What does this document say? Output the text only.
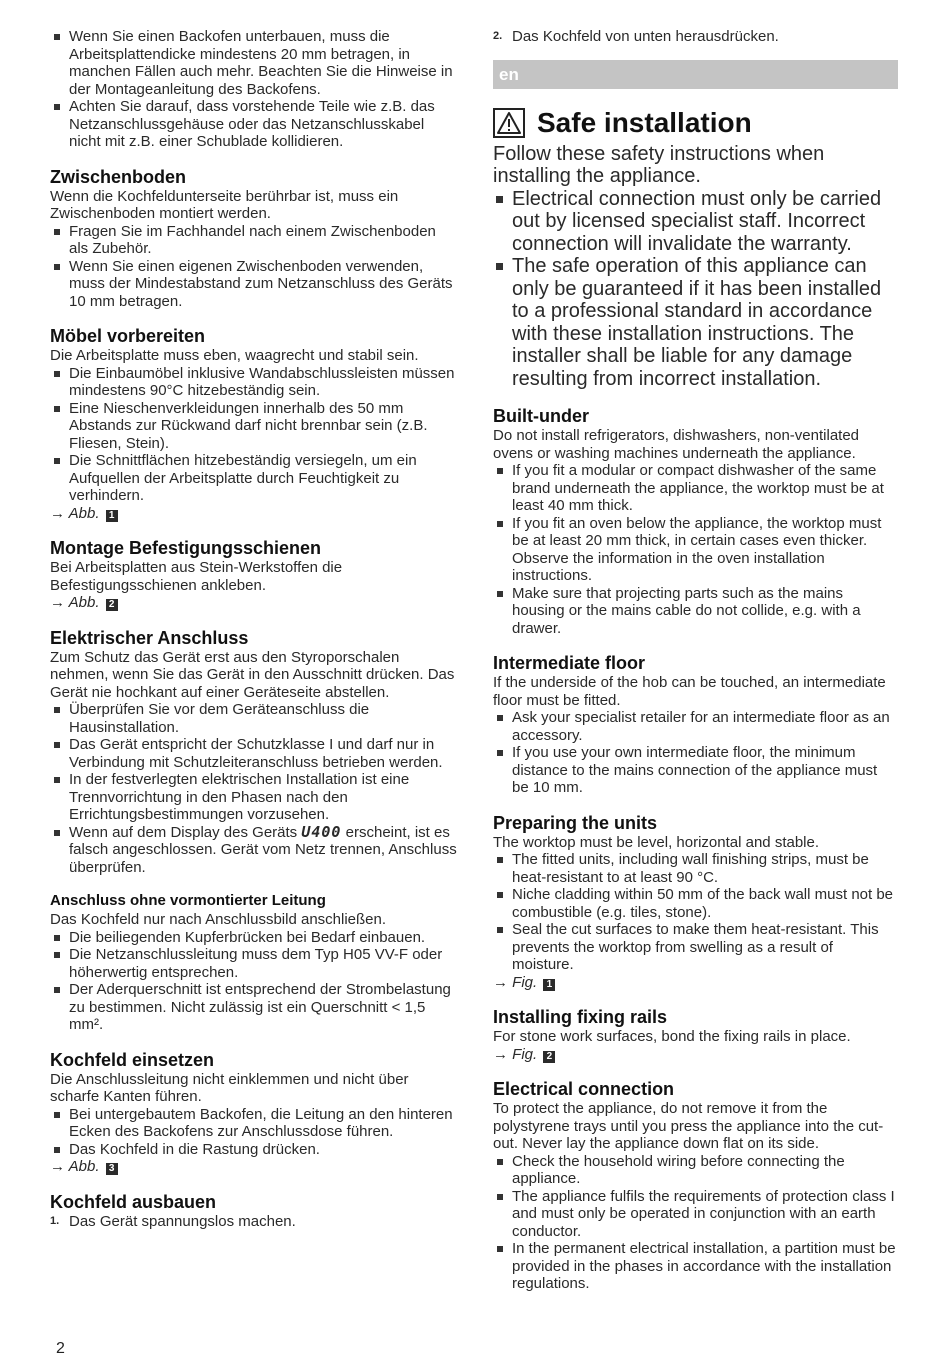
Wenn Sie einen Backofen unterbauen, muss die Arbeitsplattendicke mindestens 20 mm betragen, in manchen Fällen auch mehr. Beachten Sie die Hinweise in der Montageanleitung des Backofens.
Achten Sie darauf, dass vorstehende Teile wie z.B. das Netzanschlussgehäuse oder das Netzanschlusskabel nicht mit z.B. einer Schublade kollidieren.
Zwischenboden
Wenn die Kochfeldunterseite berührbar ist, muss ein Zwischenboden montiert werden.
Fragen Sie im Fachhandel nach einem Zwischenboden als Zubehör.
Wenn Sie einen eigenen Zwischenboden verwenden, muss der Mindestabstand zum Netzanschluss des Geräts 10 mm betragen.
Möbel vorbereiten
Die Arbeitsplatte muss eben, waagrecht und stabil sein.
Die Einbaumöbel inklusive Wandabschlussleisten müssen mindestens 90°C hitzebeständig sein.
Eine Nieschenverkleidungen innerhalb des 50 mm Abstands zur Rückwand darf nicht brennbar sein (z.B. Fliesen, Stein).
Die Schnittflächen hitzebeständig versiegeln, um ein Aufquellen der Arbeitsplatte durch Feuchtigkeit zu verhindern.
→ Abb. 1
Montage Befestigungsschienen
Bei Arbeitsplatten aus Stein-Werkstoffen die Befestigungsschienen ankleben.
→ Abb. 2
Elektrischer Anschluss
Zum Schutz das Gerät erst aus den Styroporschalen nehmen, wenn Sie das Gerät in den Ausschnitt drücken. Das Gerät nie hochkant auf einer Geräteseite abstellen.
Überprüfen Sie vor dem Geräteanschluss die Hausinstallation.
Das Gerät entspricht der Schutzklasse I und darf nur in Verbindung mit Schutzleiteranschluss betrieben werden.
In der festverlegten elektrischen Installation ist eine Trennvorrichtung in den Phasen nach den Errichtungsbestimmungen vorzusehen.
Wenn auf dem Display des Geräts U400 erscheint, ist es falsch angeschlossen. Gerät vom Netz trennen, Anschluss überprüfen.
Anschluss ohne vormontierter Leitung
Das Kochfeld nur nach Anschlussbild anschließen.
Die beiliegenden Kupferbrücken bei Bedarf einbauen.
Die Netzanschlussleitung muss dem Typ H05 VV-F oder höherwertig entsprechen.
Der Aderquerschnitt ist entsprechend der Strombelastung zu bestimmen. Nicht zulässig ist ein Querschnitt < 1,5 mm².
Kochfeld einsetzen
Die Anschlussleitung nicht einklemmen und nicht über scharfe Kanten führen.
Bei untergebautem Backofen, die Leitung an den hinteren Ecken des Backofens zur Anschlussdose führen.
Das Kochfeld in die Rastung drücken.
→ Abb. 3
Kochfeld ausbauen
1. Das Gerät spannungslos machen.
2. Das Kochfeld von unten herausdrücken.
en
Safe installation
Follow these safety instructions when installing the appliance.
Electrical connection must only be carried out by licensed specialist staff. Incorrect connection will invalidate the warranty.
The safe operation of this appliance can only be guaranteed if it has been installed to a professional standard in accordance with these installation instructions. The installer shall be liable for any damage resulting from incorrect installation.
Built-under
Do not install refrigerators, dishwashers, non-ventilated ovens or washing machines underneath the appliance.
If you fit a modular or compact dishwasher of the same brand underneath the appliance, the worktop must be at least 40 mm thick.
If you fit an oven below the appliance, the worktop must be at least 20 mm thick, in certain cases even thicker. Observe the information in the oven installation instructions.
Make sure that projecting parts such as the mains housing or the mains cable do not collide, e.g. with a drawer.
Intermediate floor
If the underside of the hob can be touched, an intermediate floor must be fitted.
Ask your specialist retailer for an intermediate floor as an accessory.
If you use your own intermediate floor, the minimum distance to the mains connection of the appliance must be 10 mm.
Preparing the units
The worktop must be level, horizontal and stable.
The fitted units, including wall finishing strips, must be heat-resistant to at least 90 °C.
Niche cladding within 50 mm of the back wall must not be combustible (e.g. tiles, stone).
Seal the cut surfaces to make them heat-resistant. This prevents the worktop from swelling as a result of moisture.
→ Fig. 1
Installing fixing rails
For stone work surfaces, bond the fixing rails in place.
→ Fig. 2
Electrical connection
To protect the appliance, do not remove it from the polystyrene trays until you press the appliance into the cut-out. Never lay the appliance down flat on its side.
Check the household wiring before connecting the appliance.
The appliance fulfils the requirements of protection class I and must only be operated in conjunction with an earth conductor.
In the permanent electrical installation, a partition must be provided in the phases in accordance with the installation regulations.
2
